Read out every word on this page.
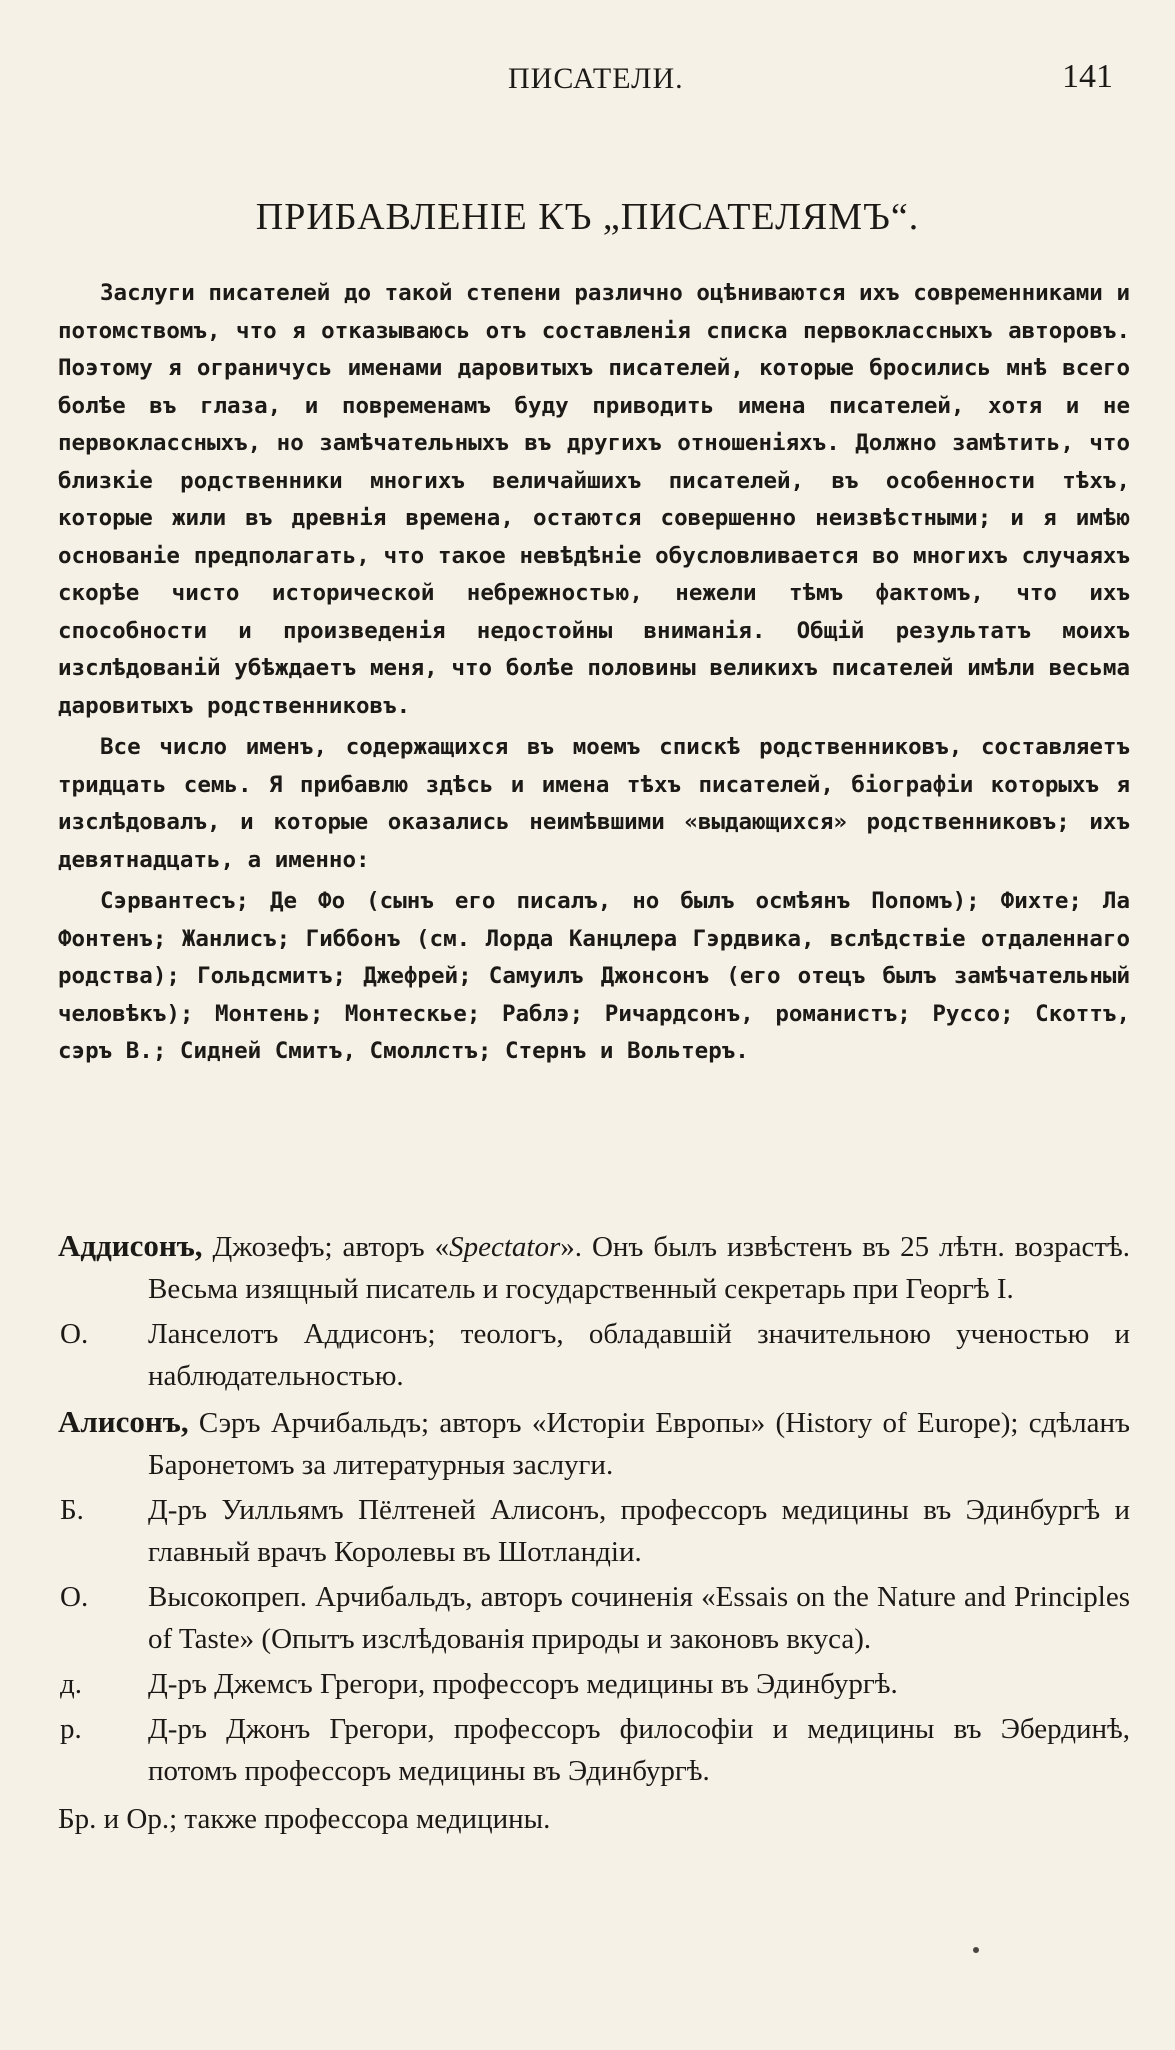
ПИСАТЕЛИ.	141
ПРИБАВЛЕНІЕ КЪ „ПИСАТЕЛЯМЪ“.

Заслуги писателей до такой степени различно оцѣниваются ихъ современниками и потомствомъ, что я отказываюсь отъ составленія списка первоклассныхъ авторовъ. Поэтому я ограничусь именами даровитыхъ писателей, которые бросились мнѣ всего болѣе въ глаза, и повременамъ буду приводить имена писателей, хотя и не первоклассныхъ, но замѣчательныхъ въ другихъ отношеніяхъ. Должно замѣтить, что близкіе родственники многихъ величайшихъ писателей, въ особенности тѣхъ, которые жили въ древнія времена, остаются совершенно неизвѣстными; и я имѣю основаніе предполагать, что такое невѣдѣніе обусловливается во многихъ случаяхъ скорѣе чисто исторической небрежностью, нежели тѣмъ фактомъ, что ихъ способности и произведенія недостойны вниманія. Общій результатъ моихъ изслѣдованій убѣждаетъ меня, что болѣе половины великихъ писателей имѣли весьма даровитыхъ родственниковъ.

Все число именъ, содержащихся въ моемъ спискѣ родственниковъ, составляетъ тридцать семь. Я прибавлю здѣсь и имена тѣхъ писателей, біографіи которыхъ я изслѣдовалъ, и которые оказались неимѣвшими «выдающихся» родственниковъ; ихъ девятнадцать, а именно:

Сэрвантесъ; Де Фо (сынъ его писалъ, но былъ осмѣянъ Попомъ); Фихте; Ла Фонтенъ; Жанлисъ; Гиббонъ (см. Лорда Канцлера Гэрдвика, вслѣдствіе отдаленнаго родства); Гольдсмитъ; Джефрей; Самуилъ Джонсонъ (его отецъ былъ замѣчательный человѣкъ); Монтень; Монтескье; Раблэ; Ричардсонъ, романистъ; Руссо; Скоттъ, сэръ В.; Сидней Смитъ, Смоллстъ; Стернъ и Вольтеръ.

Аддисонъ, Джозефъ; авторъ «Spectator». Онъ былъ извѣстенъ въ 25 лѣтн. возрастѣ. Весьма изящный писатель и государственный секретарь при Георгѣ I.
О.	Ланселотъ Аддисонъ; теологъ, обладавшій значительною ученостью и наблюдательностью.
Алисонъ, Сэръ Арчибальдъ; авторъ «Исторіи Европы» (History of Europe); сдѣланъ Баронетомъ за литературныя заслуги.
Б.	Д-ръ Уилльямъ Пёлтеней Алисонъ, профессоръ медицины въ Эдинбургѣ и главный врачъ Королевы въ Шотландіи.
О.	Высокопреп. Арчибальдъ, авторъ сочиненія «Essais on the Nature and Principles of Taste» (Опытъ изслѣдованія природы и законовъ вкуса).
д.	Д-ръ Джемсъ Грегори, профессоръ медицины въ Эдинбургѣ.
р.	Д-ръ Джонъ Грегори, профессоръ философіи и медицины въ Эбердинѣ, потомъ профессоръ медицины въ Эдинбургѣ.
Бр. и Ор.; также профессора медицины.
